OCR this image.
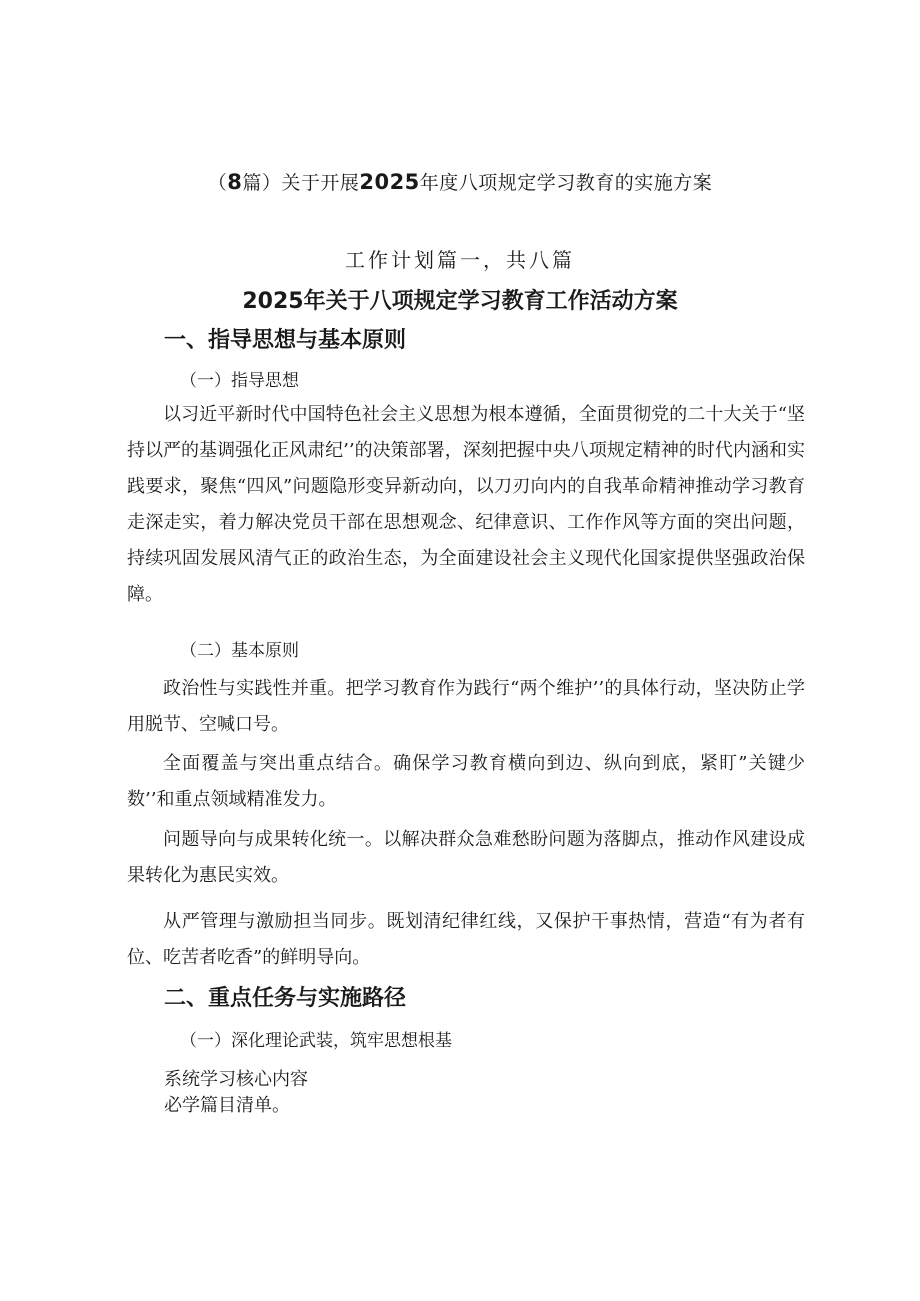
（8篇）关于开展2025年度八项规定学习教育的实施方案
工作计划篇一，共八篇
2025年关于八项规定学习教育工作活动方案
一、指导思想与基本原则
（一）指导思想
以习近平新时代中国特色社会主义思想为根本遵循，全面贯彻党的二十大关于“坚持以严的基调强化正风肃纪’’的决策部署，深刻把握中央八项规定精神的时代内涵和实践要求，聚焦“四风”问题隐形变异新动向，以刀刃向内的自我革命精神推动学习教育走深走实，着力解决党员干部在思想观念、纪律意识、工作作风等方面的突出问题，持续巩固发展风清气正的政治生态，为全面建设社会主义现代化国家提供坚强政治保障。
（二）基本原则
政治性与实践性并重。把学习教育作为践行“两个维护’’的具体行动，坚决防止学用脱节、空喊口号。
全面覆盖与突出重点结合。确保学习教育横向到边、纵向到底，紧盯”关键少数’’和重点领域精准发力。
问题导向与成果转化统一。以解决群众急难愁盼问题为落脚点，推动作风建设成果转化为惠民实效。
从严管理与激励担当同步。既划清纪律红线，又保护干事热情，营造“有为者有位、吃苦者吃香”的鲜明导向。
二、重点任务与实施路径
（一）深化理论武装，筑牢思想根基
系统学习核心内容
必学篇目清单。
